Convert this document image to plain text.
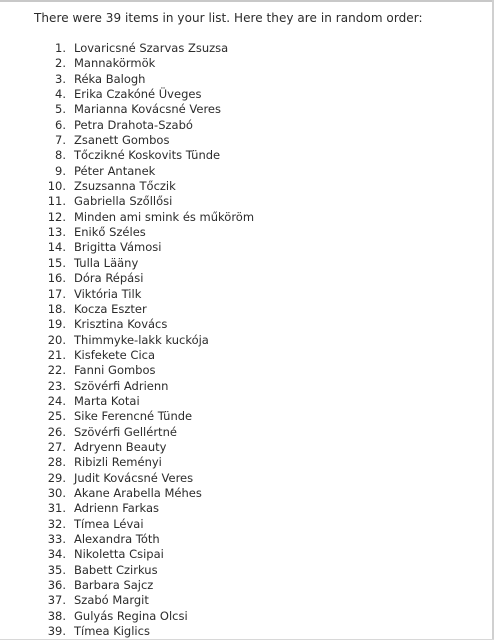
There were 39 items in your list. Here they are in random order:
1. Lovaricsné Szarvas Zsuzsa
2. Mannakörmök
3. Réka Balogh
4. Erika Czakóné Üveges
5. Marianna Kovácsné Veres
6. Petra Drahota-Szabó
7. Zsanett Gombos
8. Tőczikné Koskovits Tünde
9. Péter Antanek
10. Zsuzsanna Tőczik
11. Gabriella Szőllősi
12. Minden ami smink és műköröm
13. Enikő Széles
14. Brigitta Vámosi
15. Tulla Lääny
16. Dóra Répási
17. Viktória Tilk
18. Kocza Eszter
19. Krisztina Kovács
20. Thimmyke-lakk kuckója
21. Kisfekete Cica
22. Fanni Gombos
23. Szövérfi Adrienn
24. Marta Kotai
25. Sike Ferencné Tünde
26. Szövérfi Gellértné
27. Adryenn Beauty
28. Ribizli Reményi
29. Judit Kovácsné Veres
30. Akane Arabella Méhes
31. Adrienn Farkas
32. Tímea Lévai
33. Alexandra Tóth
34. Nikoletta Csipai
35. Babett Czirkus
36. Barbara Sajcz
37. Szabó Margit
38. Gulyás Regina Olcsi
39. Tímea Kiglics
